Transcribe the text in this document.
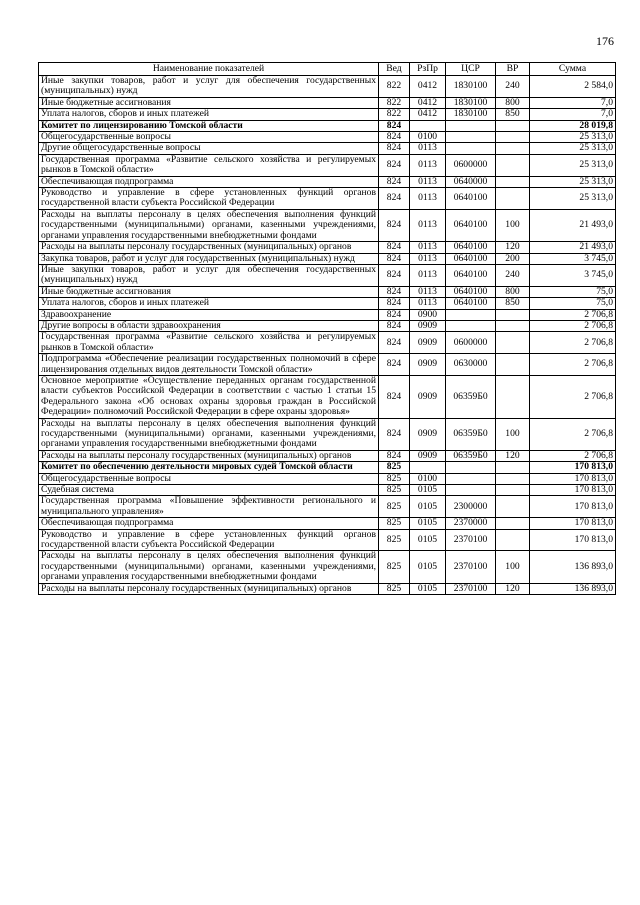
176
Наименование показателей	Вед	РзПр	ЦСР	ВР	Сумма
Иные закупки товаров, работ и услуг для обеспечения государственных (муниципальных) нужд	822	0412	1830100	240	2 584,0
Иные бюджетные ассигнования	822	0412	1830100	800	7,0
Уплата налогов, сборов и иных платежей	822	0412	1830100	850	7,0
Комитет по лицензированию Томской области	824				28 019,8
Общегосударственные вопросы	824	0100			25 313,0
Другие общегосударственные вопросы	824	0113			25 313,0
Государственная программа «Развитие сельского хозяйства и регулируемых рынков в Томской области»	824	0113	0600000		25 313,0
Обеспечивающая подпрограмма	824	0113	0640000		25 313,0
Руководство и управление в сфере установленных функций органов государственной власти субъекта Российской Федерации	824	0113	0640100		25 313,0
Расходы на выплаты персоналу в целях обеспечения выполнения функций государственными (муниципальными) органами, казенными учреждениями, органами управления государственными внебюджетными фондами	824	0113	0640100	100	21 493,0
Расходы на выплаты персоналу государственных (муниципальных) органов	824	0113	0640100	120	21 493,0
Закупка товаров, работ и услуг для государственных (муниципальных) нужд	824	0113	0640100	200	3 745,0
Иные закупки товаров, работ и услуг для обеспечения государственных (муниципальных) нужд	824	0113	0640100	240	3 745,0
Иные бюджетные ассигнования	824	0113	0640100	800	75,0
Уплата налогов, сборов и иных платежей	824	0113	0640100	850	75,0
Здравоохранение	824	0900			2 706,8
Другие вопросы в области здравоохранения	824	0909			2 706,8
Государственная программа «Развитие сельского хозяйства и регулируемых рынков в Томской области»	824	0909	0600000		2 706,8
Подпрограмма «Обеспечение реализации государственных полномочий в сфере лицензирования отдельных видов деятельности Томской области»	824	0909	0630000		2 706,8
Основное мероприятие «Осуществление переданных органам государственной власти субъектов Российской Федерации в соответствии с частью 1 статьи 15 Федерального закона «Об основах охраны здоровья граждан в Российской Федерации» полномочий Российской Федерации в сфере охраны здоровья»	824	0909	06359Б0		2 706,8
Расходы на выплаты персоналу в целях обеспечения выполнения функций государственными (муниципальными) органами, казенными учреждениями, органами управления государственными внебюджетными фондами	824	0909	06359Б0	100	2 706,8
Расходы на выплаты персоналу государственных (муниципальных) органов	824	0909	06359Б0	120	2 706,8
Комитет по обеспечению деятельности мировых судей Томской области	825				170 813,0
Общегосударственные вопросы	825	0100			170 813,0
Судебная система	825	0105			170 813,0
Государственная программа «Повышение эффективности регионального и муниципального управления»	825	0105	2300000		170 813,0
Обеспечивающая подпрограмма	825	0105	2370000		170 813,0
Руководство и управление в сфере установленных функций органов государственной власти субъекта Российской Федерации	825	0105	2370100		170 813,0
Расходы на выплаты персоналу в целях обеспечения выполнения функций государственными (муниципальными) органами, казенными учреждениями, органами управления государственными внебюджетными фондами	825	0105	2370100	100	136 893,0
Расходы на выплаты персоналу государственных (муниципальных) органов	825	0105	2370100	120	136 893,0
